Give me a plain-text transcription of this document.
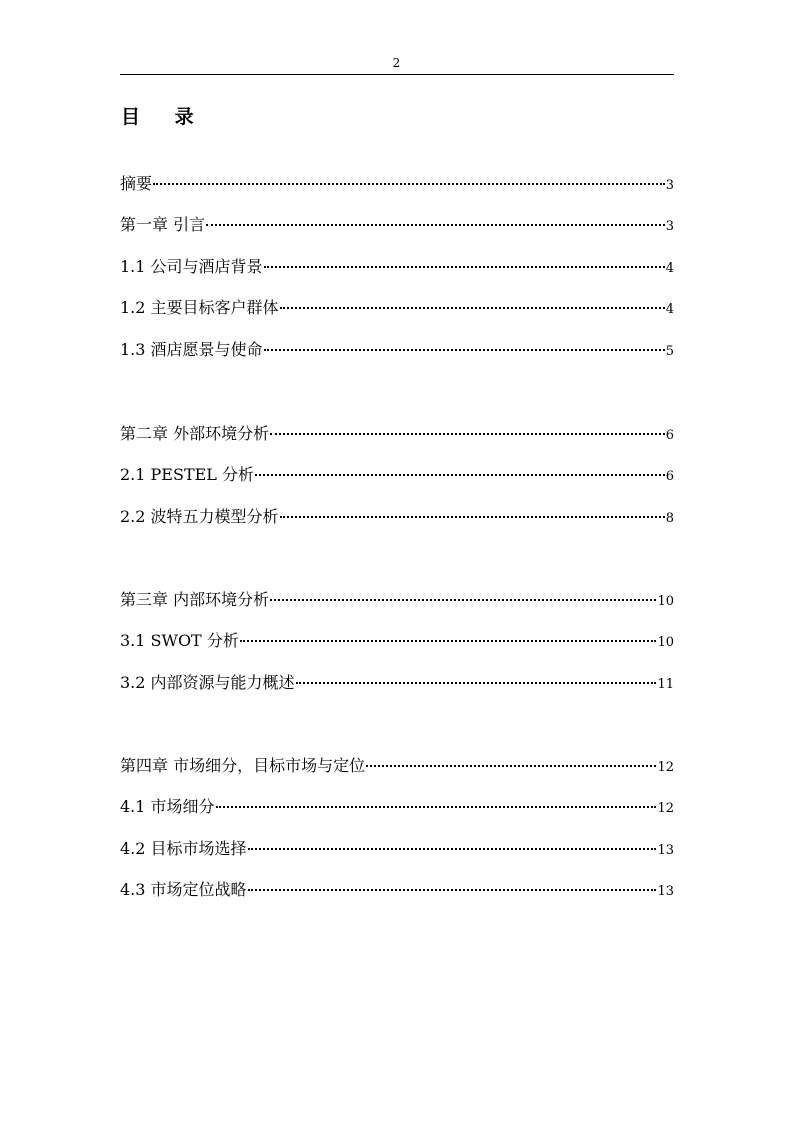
2
目 录
摘要	3
第一章 引言	3
1.1 公司与酒店背景	4
1.2 主要目标客户群体	4
1.3 酒店愿景与使命	5
第二章 外部环境分析	6
2.1 PESTEL 分析	6
2.2 波特五力模型分析	8
第三章 内部环境分析	10
3.1 SWOT 分析	10
3.2 内部资源与能力概述	11
第四章 市场细分，目标市场与定位	12
4.1 市场细分	12
4.2 目标市场选择	13
4.3 市场定位战略	13
